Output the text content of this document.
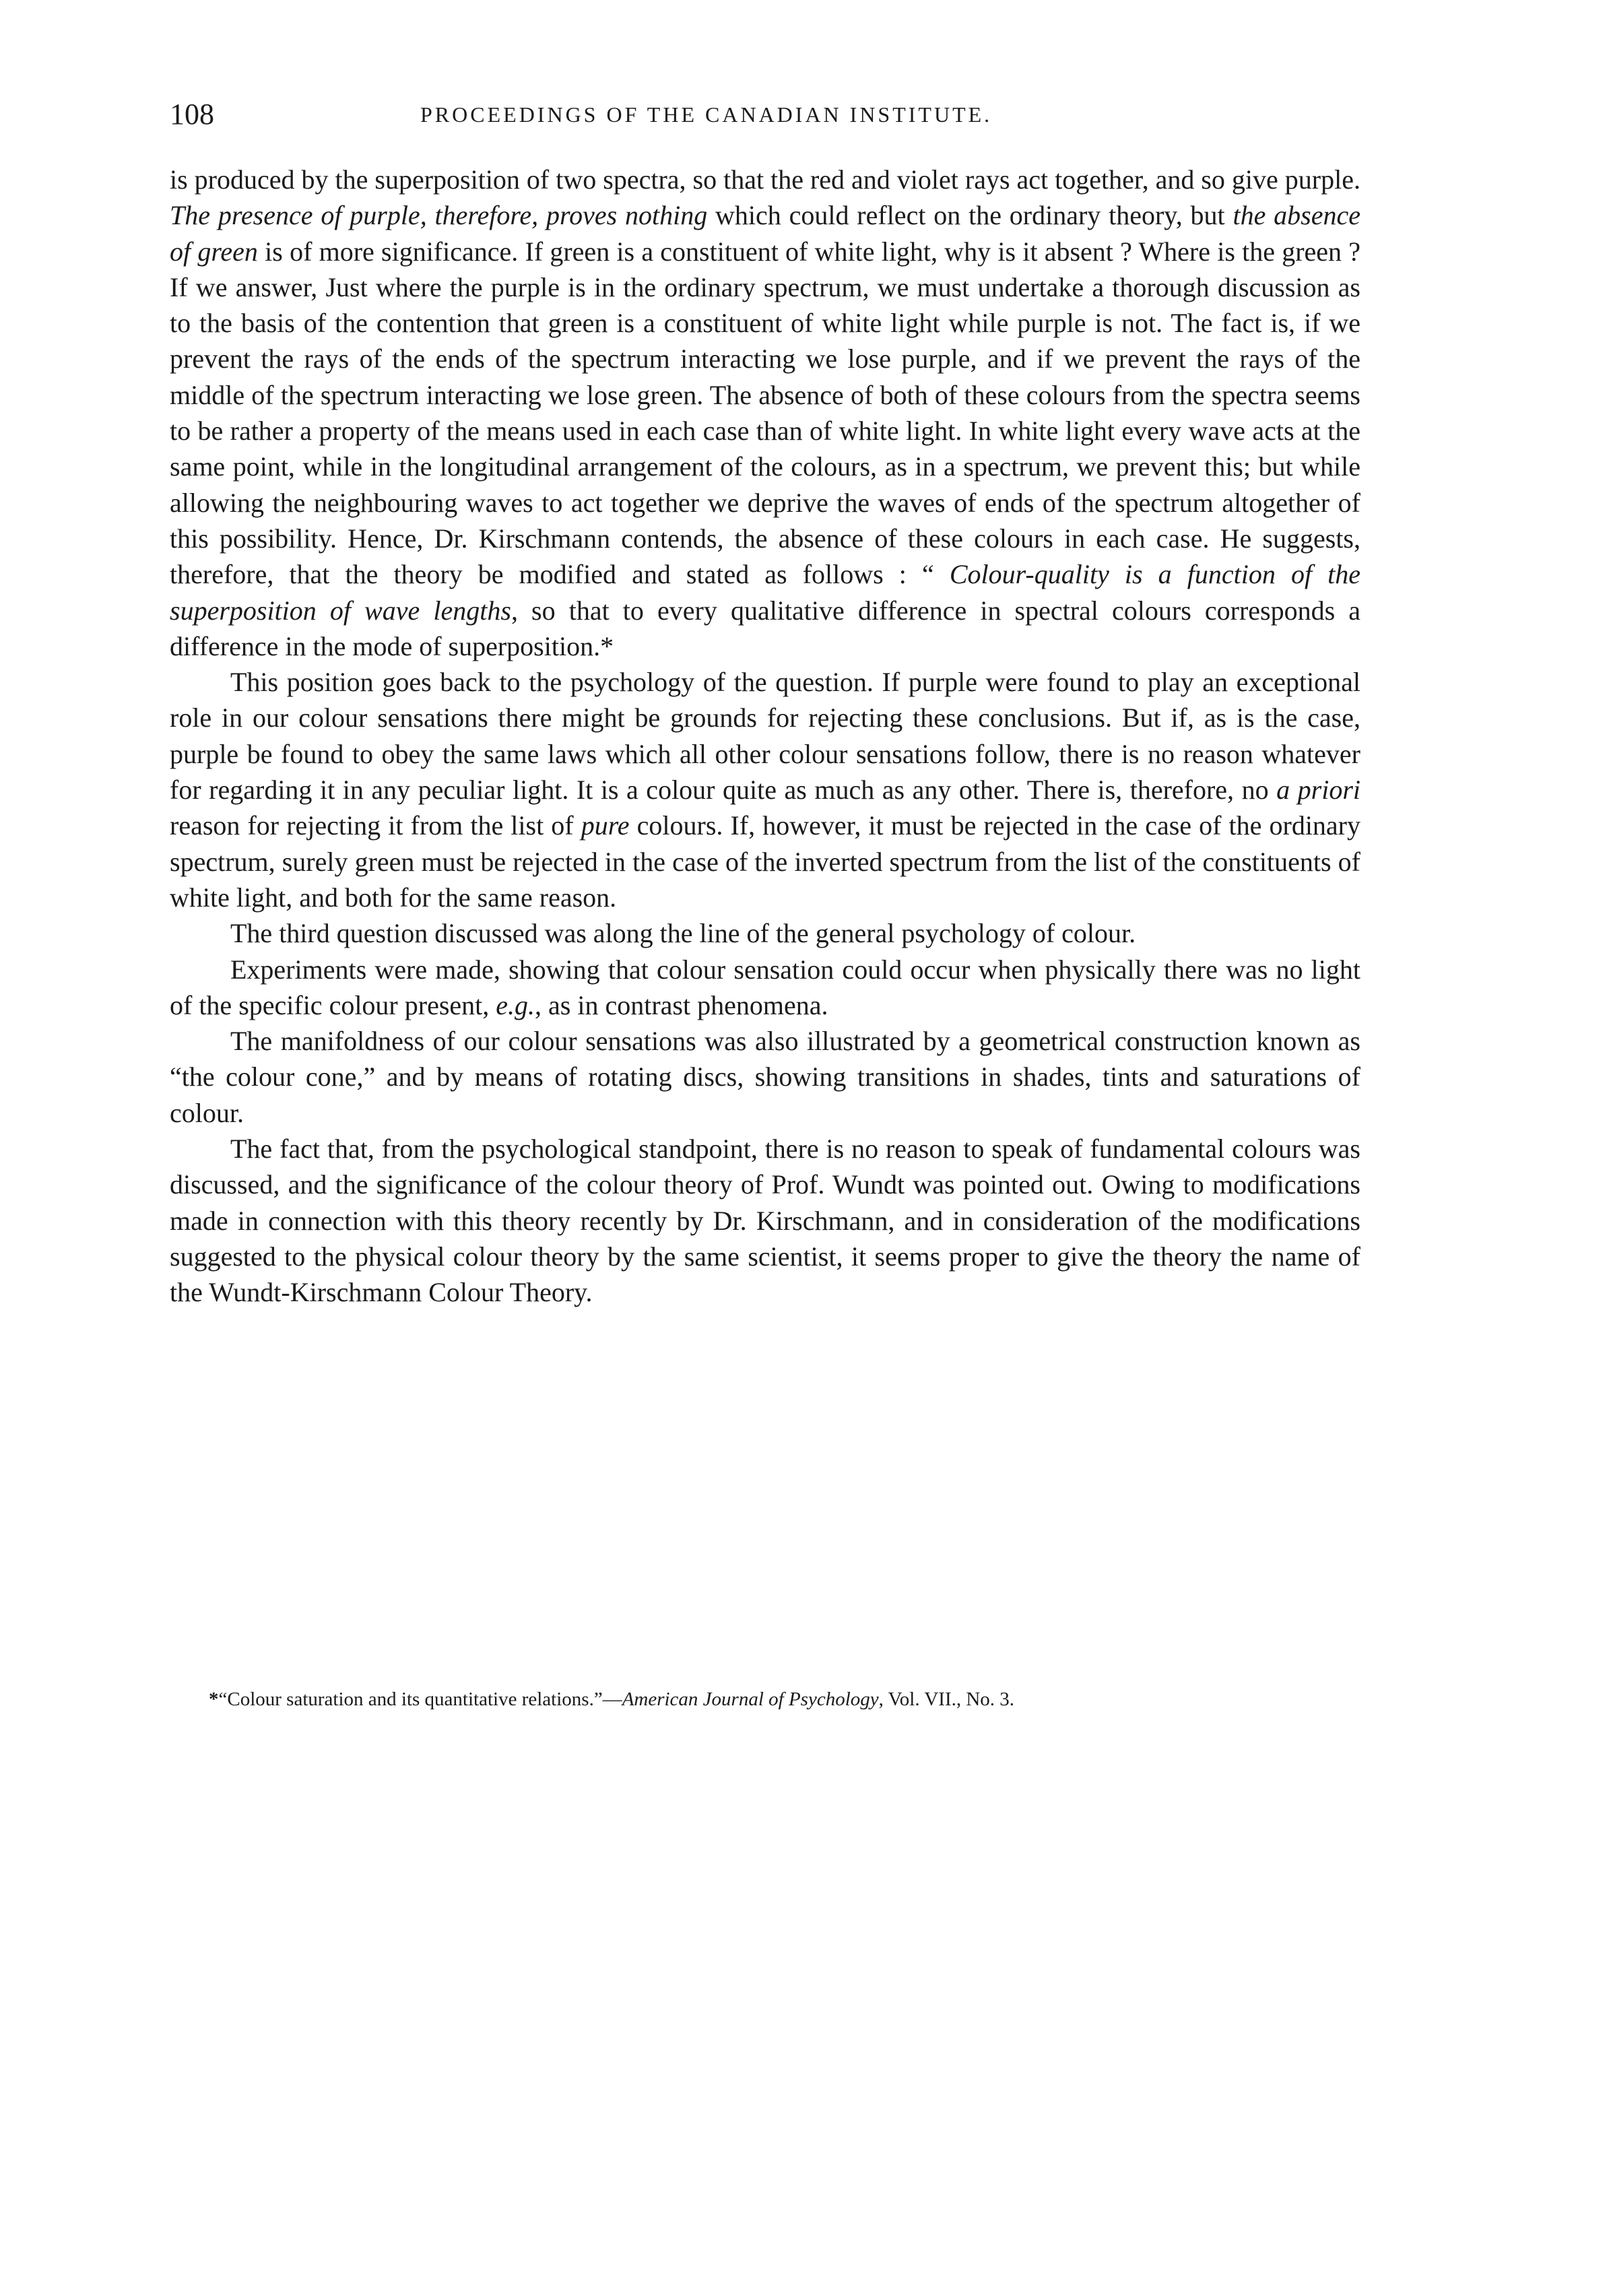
108	PROCEEDINGS OF THE CANADIAN INSTITUTE.

is produced by the superposition of two spectra, so that the red and violet rays act together, and so give purple. The presence of purple, therefore, proves nothing which could reflect on the ordinary theory, but the absence of green is of more significance. If green is a constituent of white light, why is it absent ? Where is the green ? If we answer, Just where the purple is in the ordinary spectrum, we must undertake a thorough discussion as to the basis of the contention that green is a constituent of white light while purple is not. The fact is, if we prevent the rays of the ends of the spectrum interacting we lose purple, and if we prevent the rays of the middle of the spectrum interacting we lose green. The absence of both of these colours from the spectra seems to be rather a property of the means used in each case than of white light. In white light every wave acts at the same point, while in the longitudinal arrangement of the colours, as in a spectrum, we prevent this; but while allowing the neighbouring waves to act together we deprive the waves of ends of the spectrum altogether of this possibility. Hence, Dr. Kirschmann contends, the absence of these colours in each case. He suggests, therefore, that the theory be modified and stated as follows : “ Colour-quality is a function of the superposition of wave lengths, so that to every qualitative difference in spectral colours corresponds a difference in the mode of superposition.*

This position goes back to the psychology of the question. If purple were found to play an exceptional role in our colour sensations there might be grounds for rejecting these conclusions. But if, as is the case, purple be found to obey the same laws which all other colour sensations follow, there is no reason whatever for regarding it in any peculiar light. It is a colour quite as much as any other. There is, therefore, no a priori reason for rejecting it from the list of pure colours. If, however, it must be rejected in the case of the ordinary spectrum, surely green must be rejected in the case of the inverted spectrum from the list of the constituents of white light, and both for the same reason.

The third question discussed was along the line of the general psychology of colour.

Experiments were made, showing that colour sensation could occur when physically there was no light of the specific colour present, e.g., as in contrast phenomena.

The manifoldness of our colour sensations was also illustrated by a geometrical construction known as “the colour cone,” and by means of rotating discs, showing transitions in shades, tints and saturations of colour.

The fact that, from the psychological standpoint, there is no reason to speak of fundamental colours was discussed, and the significance of the colour theory of Prof. Wundt was pointed out. Owing to modifications made in connection with this theory recently by Dr. Kirschmann, and in consideration of the modifications suggested to the physical colour theory by the same scientist, it seems proper to give the theory the name of the Wundt-Kirschmann Colour Theory.

*“Colour saturation and its quantitative relations.”—American Journal of Psychology, Vol. VII., No. 3.
